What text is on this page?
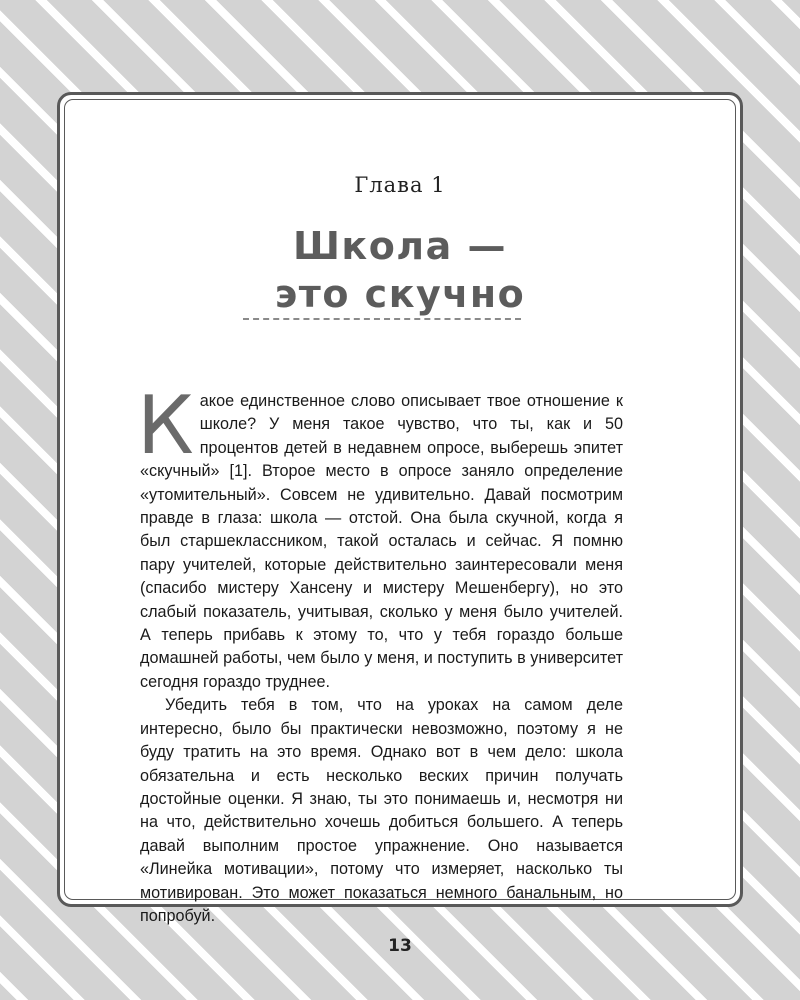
Глава 1
Школа —
это скучно

Какое единственное слово описывает твое отношение к школе? У меня такое чувство, что ты, как и 50 процентов детей в недавнем опросе, выберешь эпитет «скучный» [1]. Второе место в опросе заняло определение «утомительный». Совсем не удивительно. Давай посмотрим правде в глаза: школа — отстой. Она была скучной, когда я был старшеклассником, такой осталась и сейчас. Я помню пару учителей, которые действительно заинтересовали меня (спасибо мистеру Хансену и мистеру Мешенбергу), но это слабый показатель, учитывая, сколько у меня было учителей. А теперь прибавь к этому то, что у тебя гораздо больше домашней работы, чем было у меня, и поступить в университет сегодня гораздо труднее.

Убедить тебя в том, что на уроках на самом деле интересно, было бы практически невозможно, поэтому я не буду тратить на это время. Однако вот в чем дело: школа обязательна и есть несколько веских причин получать достойные оценки. Я знаю, ты это понимаешь и, несмотря ни на что, действительно хочешь добиться большего. А теперь давай выполним простое упражнение. Оно называется «Линейка мотивации», потому что измеряет, насколько ты мотивирован. Это может показаться немного банальным, но попробуй.

13
